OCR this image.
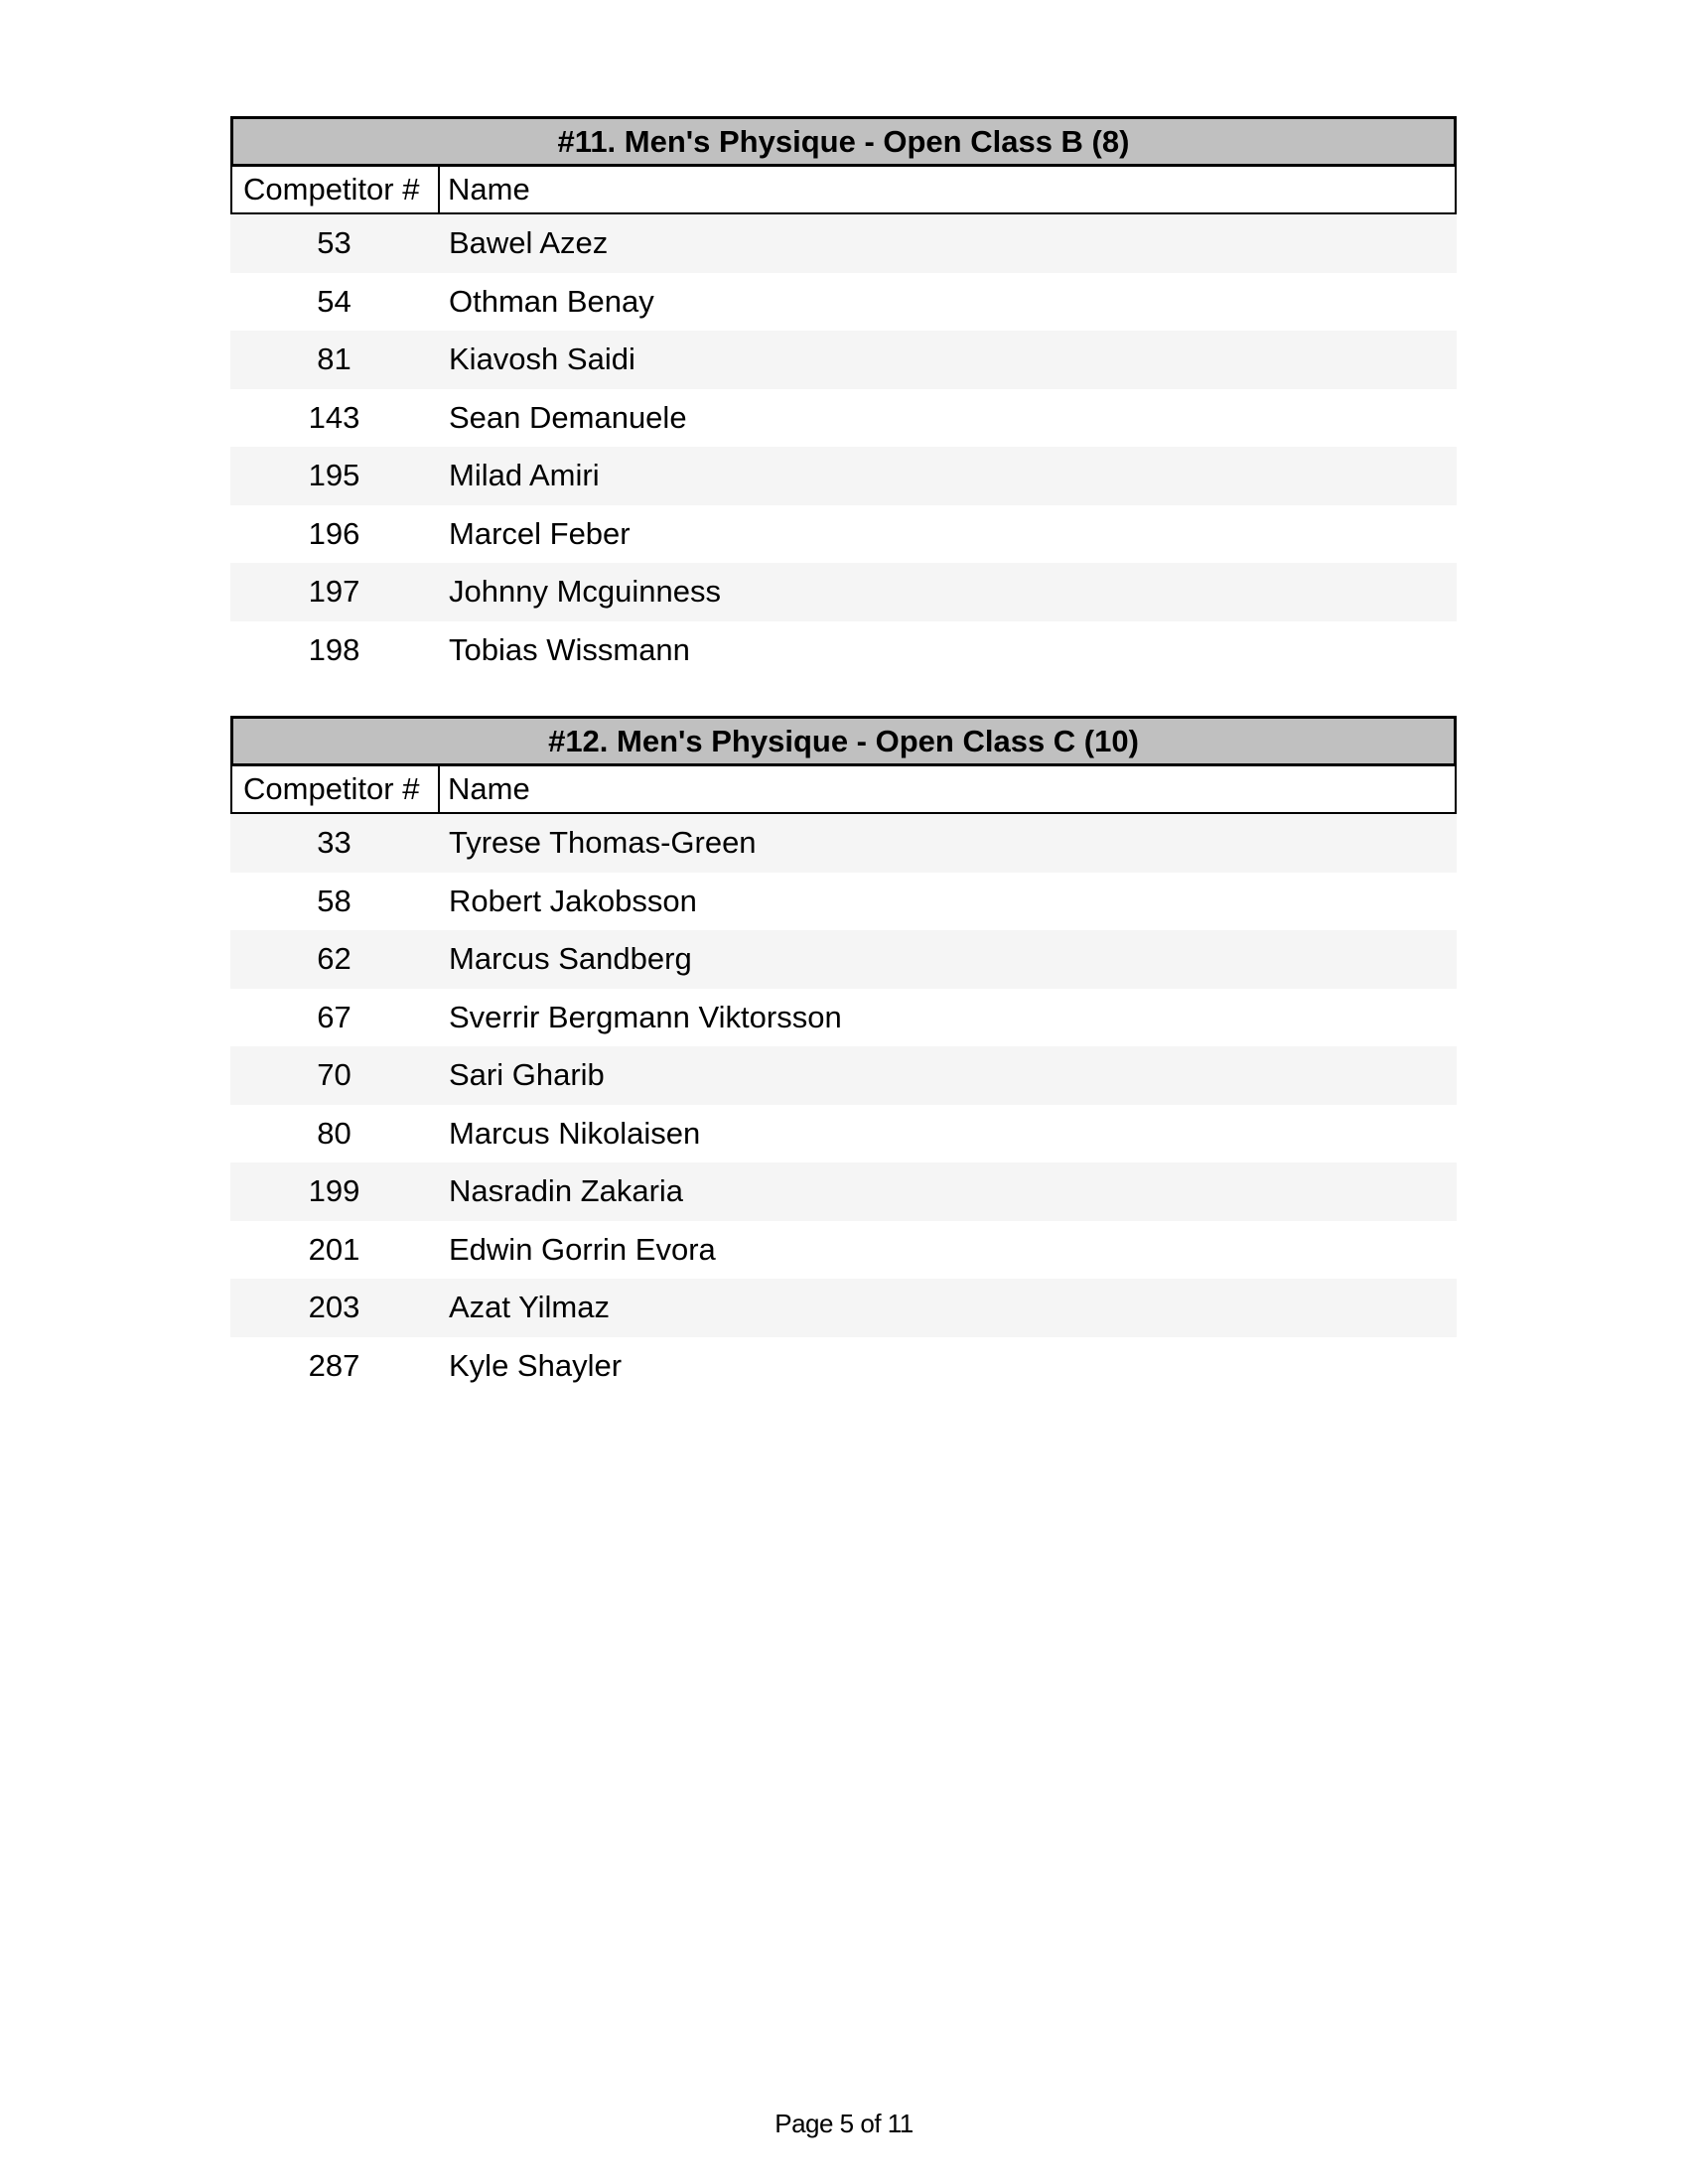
#11. Men's Physique - Open Class B (8)
Competitor # Name
53	Bawel Azez
54	Othman Benay
81	Kiavosh Saidi
143	Sean Demanuele
195	Milad Amiri
196	Marcel Feber
197	Johnny Mcguinness
198	Tobias Wissmann
#12. Men's Physique - Open Class C (10)
Competitor # Name
33	Tyrese Thomas-Green
58	Robert Jakobsson
62	Marcus Sandberg
67	Sverrir Bergmann Viktorsson
70	Sari Gharib
80	Marcus Nikolaisen
199	Nasradin Zakaria
201	Edwin Gorrin Evora
203	Azat Yilmaz
287	Kyle Shayler
Page 5 of 11
